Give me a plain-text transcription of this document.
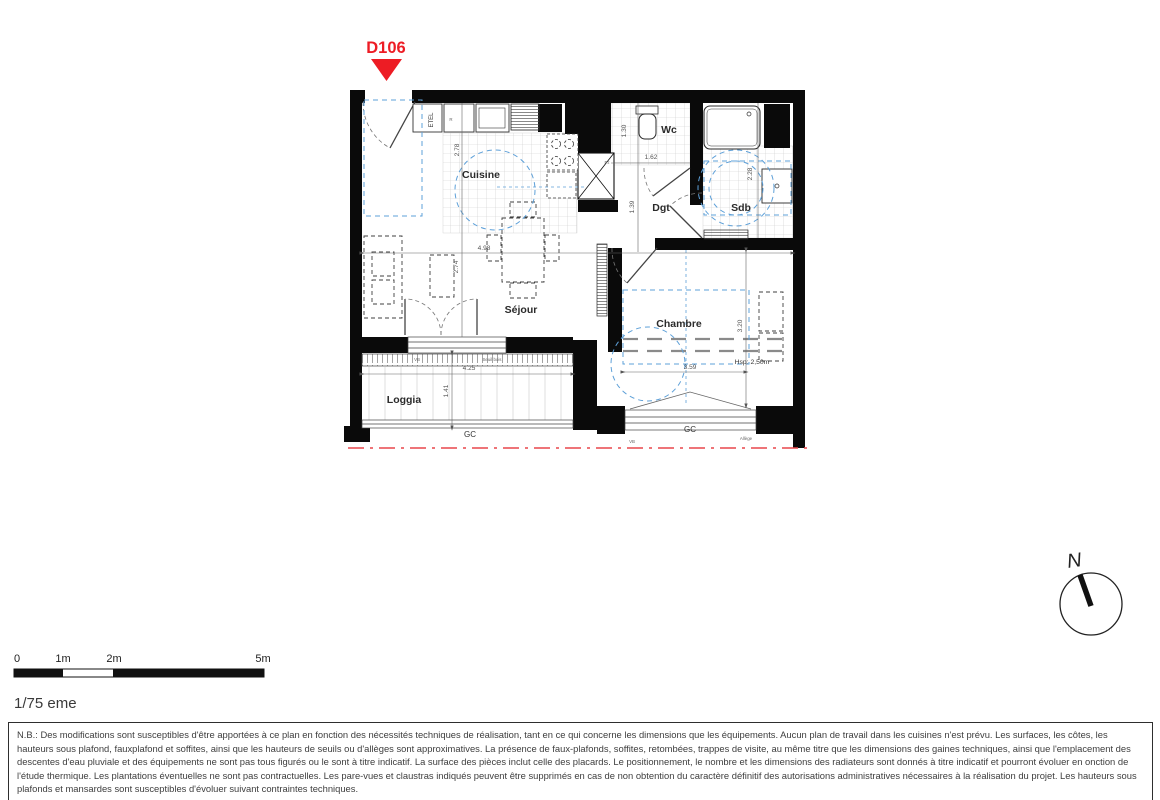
D106
Pz
R
2.78
2.74
4.98
1.30
1.62
1.39
2.28
3.20
3.59
4.25
1.41
Cuisine
Wc
Sdb
Dgt
Séjour
Chambre
Loggia
ETEL
GC
GC
Hsp: 2,50m
VB	Seuil bois
VB
Allège
0	1m	2m	5m
1/75 eme
N

N.B.: Des modifications sont susceptibles d'être apportées à ce plan en fonction des nécessités techniques de réalisation, tant en ce qui concerne les dimensions que les équipements. Aucun plan de travail dans les cuisines n'est prévu. Les surfaces, les côtes, les hauteurs sous plafond, fauxplafond et soffites, ainsi que les hauteurs de seuils ou d'allèges sont approximatives. La présence de faux-plafonds, soffites, retombées, trappes de visite, au même titre que les dimensions des gaines techniques, ainsi que l'emplacement des descentes d'eau pluviale et des équipements ne sont pas tous figurés ou le sont à titre indicatif. La surface des pièces inclut celle des placards. Le positionnement, le nombre et les dimensions des radiateurs sont donnés à titre indicatif et pourront évoluer en onction de l'étude thermique. Les plantations éventuelles ne sont pas contractuelles. Les pare-vues et claustras indiqués peuvent être supprimés en cas de non obtention du caractère définitif des autorisations administratives nécessaires à la réalisation du projet. Les hauteurs sous plafonds et mansardes sont susceptibles d'évoluer suivant contraintes techniques.
